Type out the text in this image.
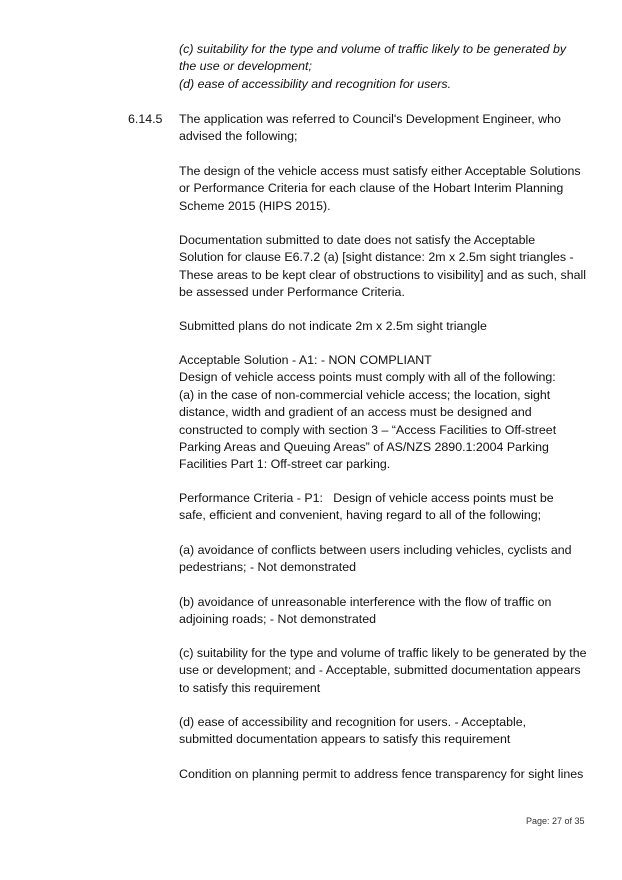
(c) suitability for the type and volume of traffic likely to be generated by
the use or development;
(d) ease of accessibility and recognition for users.

6.14.5 The application was referred to Council's Development Engineer, who
advised the following;
The design of the vehicle access must satisfy either Acceptable Solutions
or Performance Criteria for each clause of the Hobart Interim Planning
Scheme 2015 (HIPS 2015).
Documentation submitted to date does not satisfy the Acceptable
Solution for clause E6.7.2 (a) [sight distance: 2m x 2.5m sight triangles -
These areas to be kept clear of obstructions to visibility] and as such, shall
be assessed under Performance Criteria.
Submitted plans do not indicate 2m x 2.5m sight triangle
Acceptable Solution - A1: - NON COMPLIANT
Design of vehicle access points must comply with all of the following:
(a) in the case of non-commercial vehicle access; the location, sight
distance, width and gradient of an access must be designed and
constructed to comply with section 3 – “Access Facilities to Off-street
Parking Areas and Queuing Areas” of AS/NZS 2890.1:2004 Parking
Facilities Part 1: Off-street car parking.
Performance Criteria - P1:   Design of vehicle access points must be
safe, efficient and convenient, having regard to all of the following;
(a) avoidance of conflicts between users including vehicles, cyclists and
pedestrians; - Not demonstrated
(b) avoidance of unreasonable interference with the flow of traffic on
adjoining roads; - Not demonstrated
(c) suitability for the type and volume of traffic likely to be generated by the
use or development; and - Acceptable, submitted documentation appears
to satisfy this requirement
(d) ease of accessibility and recognition for users. - Acceptable,
submitted documentation appears to satisfy this requirement
Condition on planning permit to address fence transparency for sight lines
Page: 27 of 35
